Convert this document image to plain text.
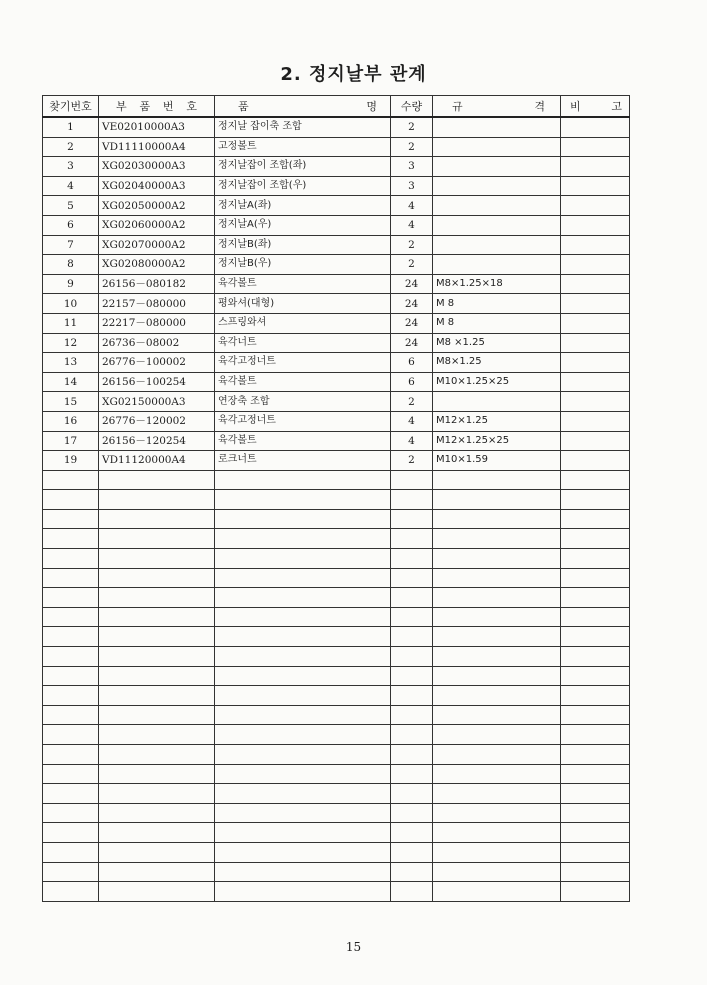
2. 정지날부 관계
찾기번호	부 품 번 호	품 명	수량	규 격	비 고

1	VE02010000A3	정지날 잡이축 조합	2		
2	VD11110000A4	고정볼트	2		
3	XG02030000A3	정지날잡이 조합(좌)	3		
4	XG02040000A3	정지날잡이 조합(우)	3		
5	XG02050000A2	정지날A(좌)	4		
6	XG02060000A2	정지날A(우)	4		
7	XG02070000A2	정지날B(좌)	2		
8	XG02080000A2	정지날B(우)	2		
9	26156－080182	육각볼트	24	M8×1.25×18	
10	22157－080000	평와셔(대형)	24	M 8	
11	22217－080000	스프링와셔	24	M 8	
12	26736－08002	육각너트	24	M8 ×1.25	
13	26776－100002	육각고정너트	6	M8×1.25	
14	26156－100254	육각볼트	6	M10×1.25×25	
15	XG02150000A3	연장축 조합	2		
16	26776－120002	육각고정너트	4	M12×1.25	
17	26156－120254	육각볼트	4	M12×1.25×25	
19	VD11120000A4	로크너트	2	M10×1.59	

15
